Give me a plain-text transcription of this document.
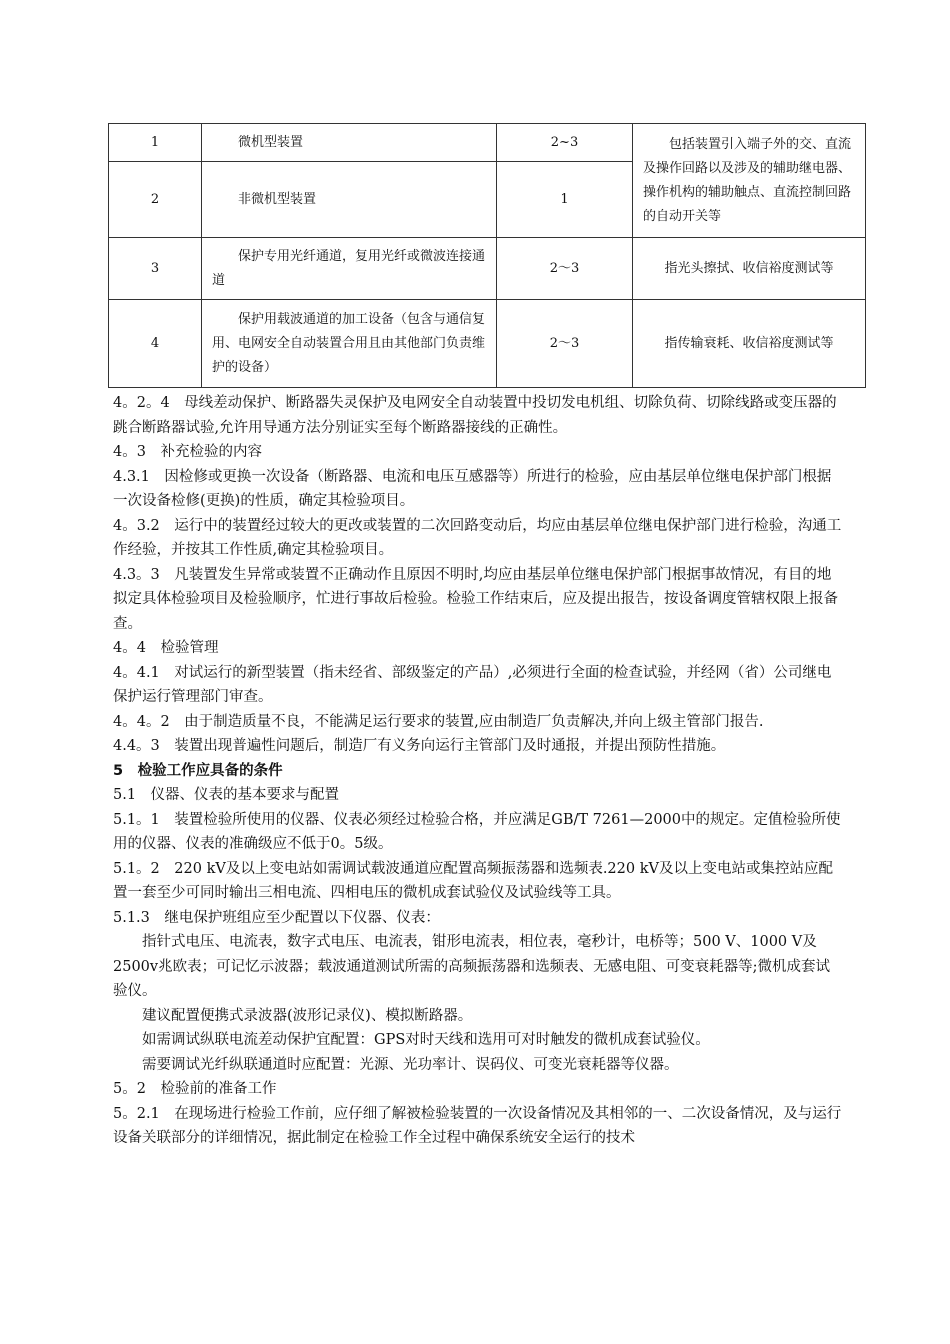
1	微机型装置	2~3	包括装置引入端子外的交、直流及操作回路以及涉及的辅助继电器、操作机构的辅助触点、直流控制回路的自动开关等
2	非微机型装置	1	
3	保护专用光纤通道，复用光纤或微波连接通道	2～3	指光头擦拭、收信裕度测试等
4	保护用载波通道的加工设备（包含与通信复用、电网安全自动装置合用且由其他部门负责维护的设备）	2～3	指传输衰耗、收信裕度测试等

4。2。4　母线差动保护、断路器失灵保护及电网安全自动装置中投切发电机组、切除负荷、切除线路或变压器的跳合断路器试验,允许用导通方法分别证实至每个断路器接线的正确性。

4。3　补充检验的内容

4.3.1　因检修或更换一次设备（断路器、电流和电压互感器等）所进行的检验，应由基层单位继电保护部门根据一次设备检修(更换)的性质，确定其检验项目。

4。3.2　运行中的装置经过较大的更改或装置的二次回路变动后，均应由基层单位继电保护部门进行检验，沟通工作经验，并按其工作性质,确定其检验项目。

4.3。3　凡装置发生异常或装置不正确动作且原因不明时,均应由基层单位继电保护部门根据事故情况，有目的地拟定具体检验项目及检验顺序，忙进行事故后检验。检验工作结束后，应及提出报告，按设备调度管辖权限上报备查。

4。4　检验管理

4。4.1　对试运行的新型装置（指未经省、部级鉴定的产品）,必须进行全面的检查试验，并经网（省）公司继电保护运行管理部门审查。

4。4。2　由于制造质量不良，不能满足运行要求的装置,应由制造厂负责解决,并向上级主管部门报告.

4.4。3　装置出现普遍性问题后，制造厂有义务向运行主管部门及时通报，并提出预防性措施。

5　检验工作应具备的条件

5.1　仪器、仪表的基本要求与配置

5.1。1　装置检验所使用的仪器、仪表必须经过检验合格，并应满足GB/T 7261—2000中的规定。定值检验所使用的仪器、仪表的准确级应不低于0。5级。

5.1。2　220 kV及以上变电站如需调试载波通道应配置高频振荡器和选频表.220 kV及以上变电站或集控站应配置一套至少可同时输出三相电流、四相电压的微机成套试验仪及试验线等工具。

5.1.3　继电保护班组应至少配置以下仪器、仪表：

指针式电压、电流表，数字式电压、电流表，钳形电流表，相位表，毫秒计，电桥等；500 V、1000 V及2500v兆欧表；可记忆示波器；载波通道测试所需的高频振荡器和选频表、无感电阻、可变衰耗器等;微机成套试验仪。

建议配置便携式录波器(波形记录仪)、模拟断路器。

如需调试纵联电流差动保护宜配置：GPS对时天线和选用可对时触发的微机成套试验仪。

需要调试光纤纵联通道时应配置：光源、光功率计、误码仪、可变光衰耗器等仪器。

5。2　检验前的准备工作

5。2.1　在现场进行检验工作前，应仔细了解被检验装置的一次设备情况及其相邻的一、二次设备情况，及与运行设备关联部分的详细情况，据此制定在检验工作全过程中确保系统安全运行的技术
